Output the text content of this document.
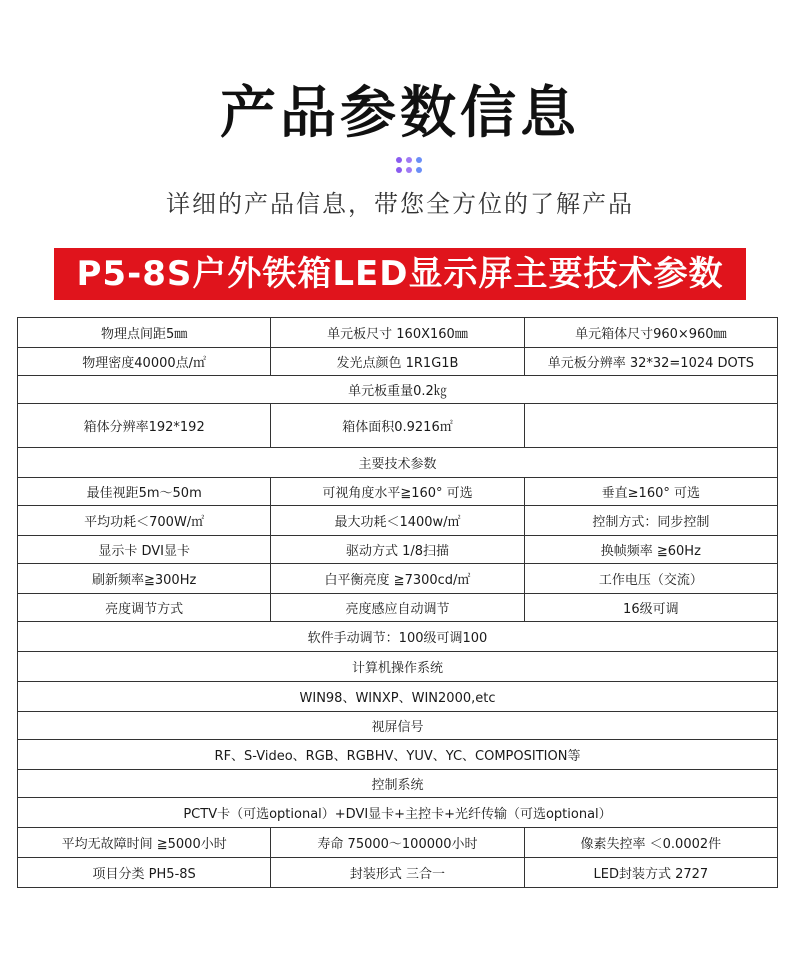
产品参数信息
详细的产品信息，带您全方位的了解产品
P5-8S户外铁箱LED显示屏主要技术参数
物理点间距5㎜	单元板尺寸 160X160㎜	单元箱体尺寸960×960㎜
物理密度40000点/㎡	发光点颜色 1R1G1B	单元板分辨率 32*32=1024 DOTS
单元板重量0.2㎏		
箱体分辨率192*192	箱体面积0.9216㎡	
主要技术参数		
最佳视距5m～50m	可视角度水平≧160° 可选	垂直≥160° 可选
平均功耗＜700W/㎡	最大功耗＜1400w/㎡	控制方式：同步控制
显示卡 DVI显卡	驱动方式 1/8扫描	换帧频率 ≧60Hz
刷新频率≧300Hz	白平衡亮度 ≧7300cd/㎡	工作电压（交流）
亮度调节方式	亮度感应自动调节	16级可调
软件手动调节：100级可调100		
计算机操作系统		
WIN98、WINXP、WIN2000,etc		
视屏信号		
RF、S-Video、RGB、RGBHV、YUV、YC、COMPOSITION等		
控制系统		
PCTV卡（可选optional）+DVI显卡+主控卡+光纤传输（可选optional）		
平均无故障时间 ≧5000小时	寿命 75000～100000小时	像素失控率 ＜0.0002件
项目分类 PH5-8S	封装形式 三合一	LED封装方式 2727
